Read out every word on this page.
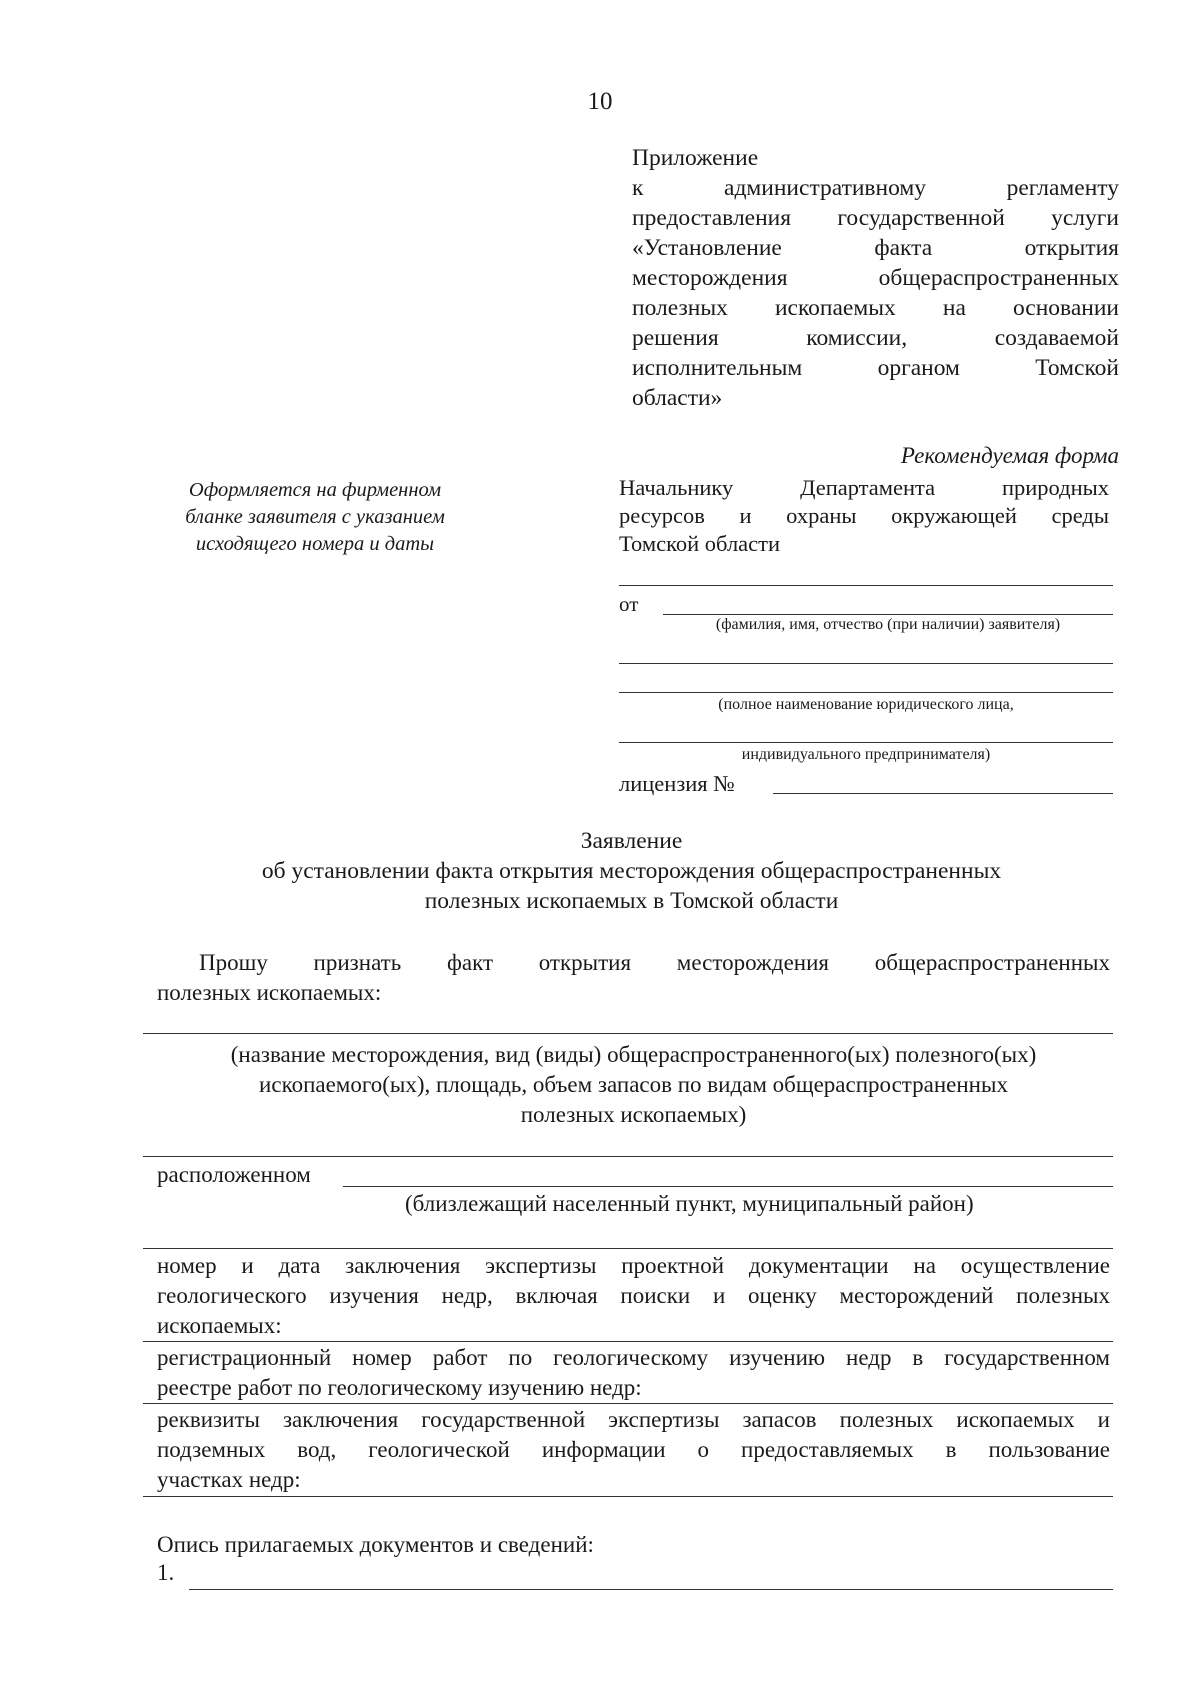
10
Приложение
к административному регламенту
предоставления государственной услуги
«Установление факта открытия
месторождения общераспространенных
полезных ископаемых на основании
решения комиссии, создаваемой
исполнительным органом Томской
области»
Рекомендуемая форма
Оформляется на фирменном
бланке заявителя с указанием
исходящего номера и даты
Начальнику Департамента природных
ресурсов и охраны окружающей среды
Томской области
от
(фамилия, имя, отчество (при наличии) заявителя)
(полное наименование юридического лица,
индивидуального предпринимателя)
лицензия №
Заявление
об установлении факта открытия месторождения общераспространенных
полезных ископаемых в Томской области
Прошу признать факт открытия месторождения общераспространенных
полезных ископаемых:
(название месторождения, вид (виды) общераспространенного(ых) полезного(ых)
ископаемого(ых), площадь, объем запасов по видам общераспространенных
полезных ископаемых)
расположенном
(близлежащий населенный пункт, муниципальный район)
номер и дата заключения экспертизы проектной документации на осуществление
геологического изучения недр, включая поиски и оценку месторождений полезных
ископаемых:
регистрационный номер работ по геологическому изучению недр в государственном
реестре работ по геологическому изучению недр:
реквизиты заключения государственной экспертизы запасов полезных ископаемых и
подземных вод, геологической информации о предоставляемых в пользование
участках недр:
Опись прилагаемых документов и сведений:
1.
